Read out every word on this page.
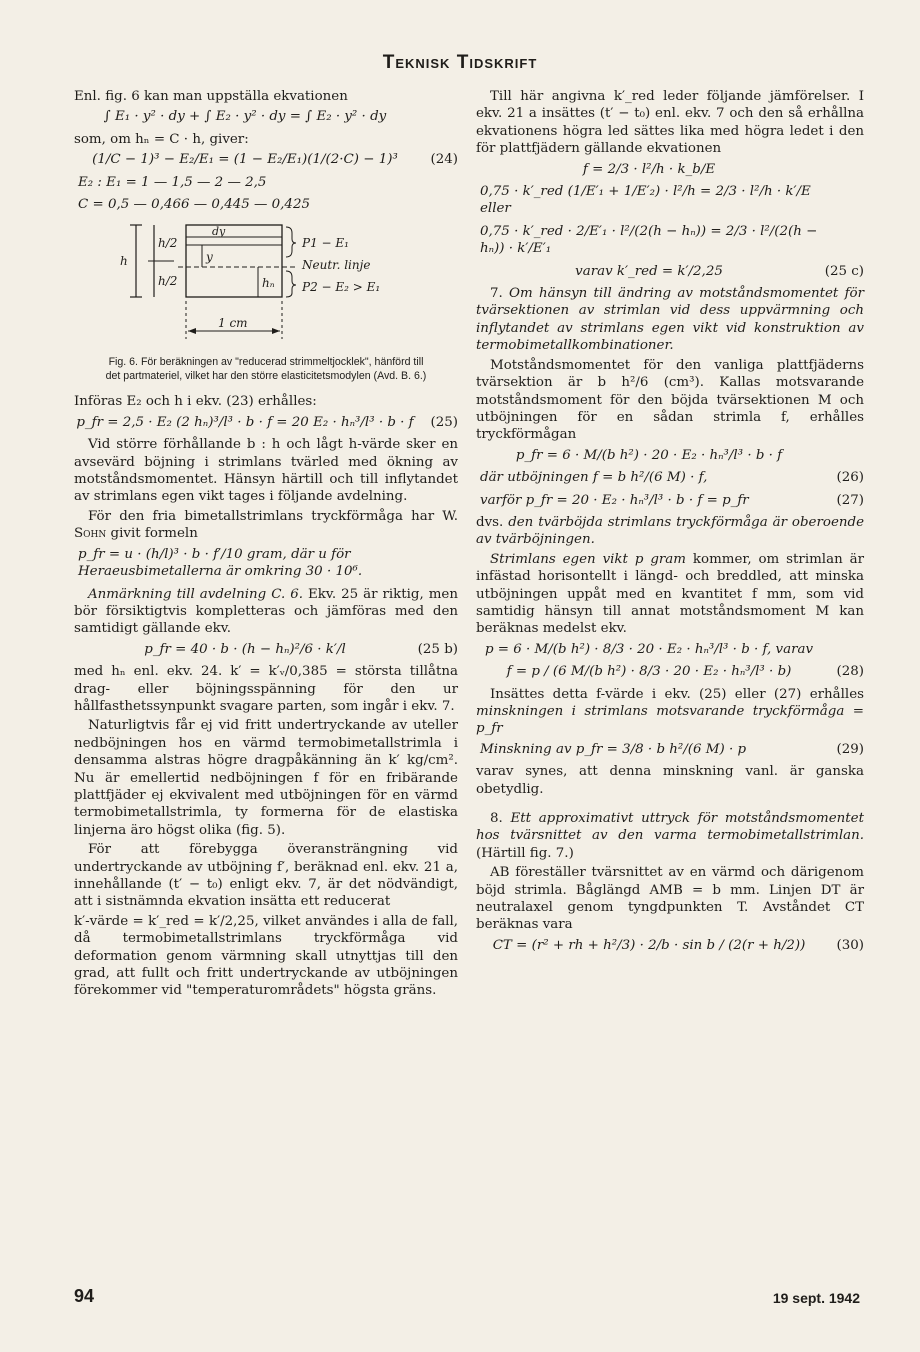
Teknisk Tidskrift

Enl. fig. 6 kan man uppställa ekvationen

∫ E₁ · y² · dy + ∫ E₂ · y² · dy = ∫ E₂ · y² · dy

som, om hₙ = C · h, giver:

(1/C − 1)³ − E₂/E₁ = (1 − E₂/E₁)(1/(2·C) − 1)³ (24)
E₂ : E₁ = 1 — 1,5 — 2 — 2,5
C = 0,5 — 0,466 — 0,445 — 0,425
h
h/2
h/2
dy
y
hₙ
P1 − E₁
Neutr. linje
P2 − E₂ > E₁
1 cm
Fig. 6. För beräkningen av "reducerad strimmeltjocklek", hänförd till det partmateriel, vilket har den större elasticitetsmodylen (Avd. B. 6.)

Införas E₂ och h i ekv. (23) erhålles:

p_fr = 2,5 · E₂ (2 hₙ)³/l³ · b · f = 20 E₂ · hₙ³/l³ · b · f (25)

Vid större förhållande b : h och lågt h-värde sker en avsevärd böjning i strimlans tvärled med ökning av motståndsmomentet. Hänsyn härtill och till inflytandet av strimlans egen vikt tages i följande avdelning.

För den fria bimetallstrimlans tryckförmåga har W. Sohn givit formeln

p_fr = u · (h/l)³ · b · f′/10 gram, där u för Heraeusbimetallerna är omkring 30 · 10⁶.

Anmärkning till avdelning C. 6. Ekv. 25 är riktig, men bör försiktigtvis kompletteras och jämföras med den samtidigt gällande ekv.

p_fr = 40 · b · (h − hₙ)²/6 · k′/l	(25 b)

med hₙ enl. ekv. 24. k′ = k′ᵥ/0,385 = största tillåtna drag- eller böjningsspänning för den ur hållfasthetssynpunkt svagare parten, som ingår i ekv. 7.

Naturligtvis får ej vid fritt undertryckande av uteller nedböjningen hos en värmd termobimetallstrimla i densamma alstras högre dragpåkänning än k′ kg/cm². Nu är emellertid nedböjningen f för en fribärande plattfjäder ej ekvivalent med utböjningen för en värmd termobimetallstrimla, ty formerna för de elastiska linjerna äro högst olika (fig. 5).

För att förebygga överansträngning vid undertryckande av utböjning f′, beräknad enl. ekv. 21 a, innehållande (t′ − t₀) enligt ekv. 7, är det nödvändigt, att i sistnämnda ekvation insätta ett reducerat

k′-värde = k′_red = k′/2,25, vilket användes i alla de fall, då termobimetallstrimlans tryckförmåga vid deformation genom värmning skall utnyttjas till den grad, att fullt och fritt undertryckande av utböjningen förekommer vid "temperaturområdets" högsta gräns.

Till här angivna k′_red leder följande jämförelser. I ekv. 21 a insättes (t′ − t₀) enl. ekv. 7 och den så erhållna ekvationens högra led sättes lika med högra ledet i den för plattfjädern gällande ekvationen

f = 2/3 · l²/h · k_b/E
0,75 · k′_red (1/E′₁ + 1/E′₂) · l²/h = 2/3 · l²/h · k′/E eller
0,75 · k′_red · 2/E′₁ · l²/(2(h − hₙ)) = 2/3 · l²/(2(h − hₙ)) · k′/E′₁
varav k′_red = k′/2,25	(25 c)

7. Om hänsyn till ändring av motståndsmomentet för tvärsektionen av strimlan vid dess uppvärmning och inflytandet av strimlans egen vikt vid konstruktion av termobimetallkombinationer.

Motståndsmomentet för den vanliga plattfjäderns tvärsektion är b h²/6 (cm³). Kallas motsvarande motståndsmoment för den böjda tvärsektionen M och utböjningen för en sådan strimla f, erhålles tryckförmågan

p_fr = 6 · M/(b h²) · 20 · E₂ · hₙ³/l³ · b · f
där utböjningen f = b h²/(6 M) · f,	(26)
varför p_fr = 20 · E₂ · hₙ³/l³ · b · f = p_fr	(27)

dvs. den tvärböjda strimlans tryckförmåga är oberoende av tvärböjningen.

Strimlans egen vikt p gram kommer, om strimlan är infästad horisontellt i längd- och breddled, att minska utböjningen uppåt med en kvantitet f mm, som vid samtidig hänsyn till annat motståndsmoment M kan beräknas medelst ekv.

p = 6 · M/(b h²) · 8/3 · 20 · E₂ · hₙ³/l³ · b · f, varav
f = p / (6 M/(b h²) · 8/3 · 20 · E₂ · hₙ³/l³ · b)	(28)

Insättes detta f-värde i ekv. (25) eller (27) erhålles minskningen i strimlans motsvarande tryckförmåga = p_fr

Minskning av p_fr = 3/8 · b h²/(6 M) · p	(29)

varav synes, att denna minskning vanl. är ganska obetydlig.

8. Ett approximativt uttryck för motståndsmomentet hos tvärsnittet av den varma termobimetallstrimlan. (Härtill fig. 7.)

AB föreställer tvärsnittet av en värmd och därigenom böjd strimla. Båglängd AMB = b mm. Linjen DT är neutralaxel genom tyngdpunkten T. Avståndet CT beräknas vara

CT = (r² + rh + h²/3) · 2/b · sin b / (2(r + h/2)) (30)
94	19 sept. 1942
